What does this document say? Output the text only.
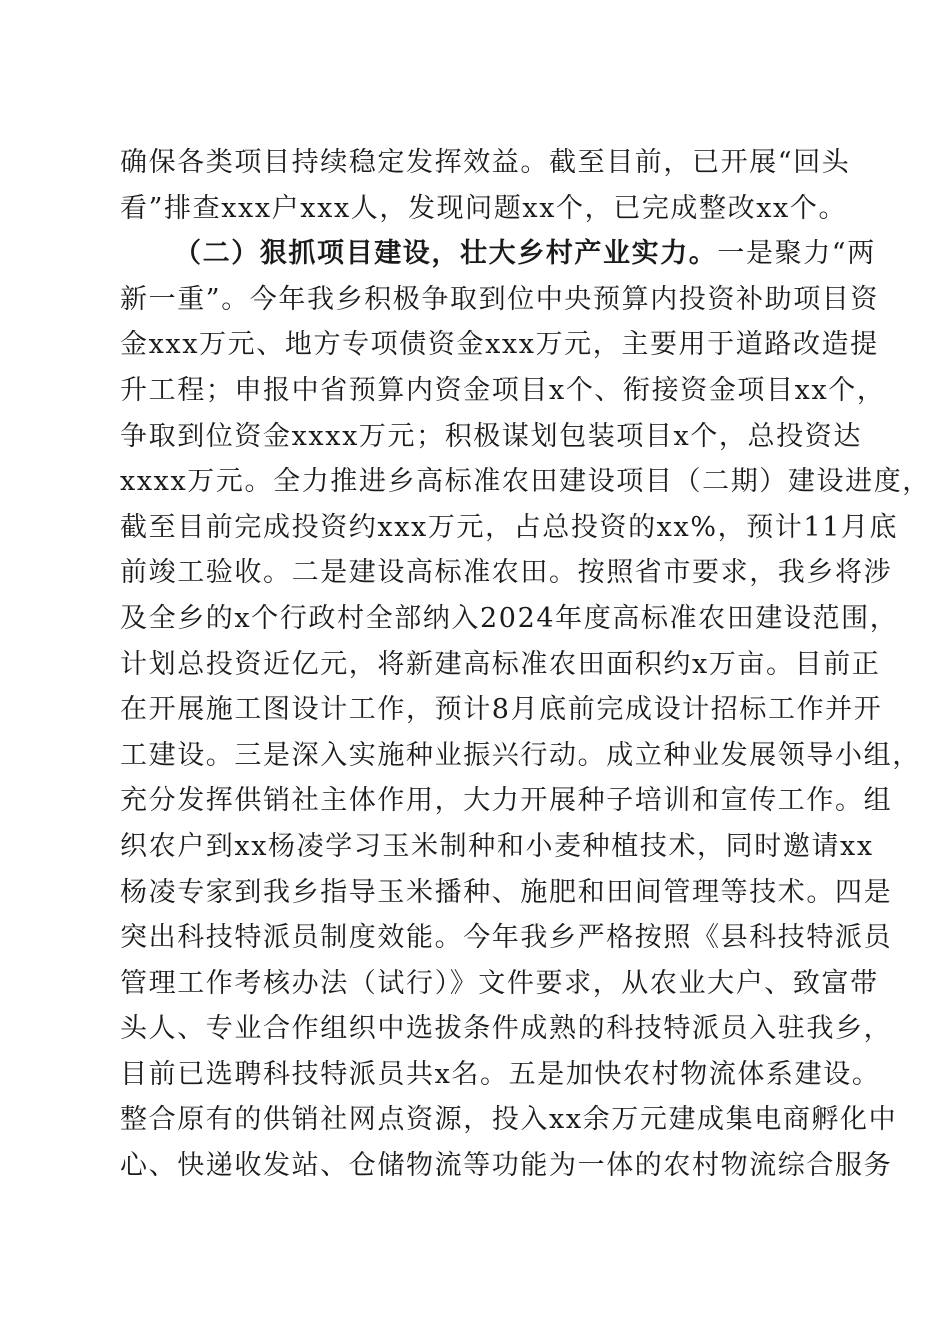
确保各类项目持续稳定发挥效益。截至目前，已开展“回头
看”排查xxx户xxx人，发现问题xx个，已完成整改xx个。
（二）狠抓项目建设，壮大乡村产业实力。一是聚力“两
新一重”。今年我乡积极争取到位中央预算内投资补助项目资
金xxx万元、地方专项债资金xxx万元，主要用于道路改造提
升工程；申报中省预算内资金项目x个、衔接资金项目xx个，
争取到位资金xxxx万元；积极谋划包装项目x个，总投资达
xxxx万元。全力推进乡高标准农田建设项目（二期）建设进度，
截至目前完成投资约xxx万元，占总投资的xx%，预计11月底
前竣工验收。二是建设高标准农田。按照省市要求，我乡将涉
及全乡的x个行政村全部纳入2024年度高标准农田建设范围，
计划总投资近亿元，将新建高标准农田面积约x万亩。目前正
在开展施工图设计工作，预计8月底前完成设计招标工作并开
工建设。三是深入实施种业振兴行动。成立种业发展领导小组，
充分发挥供销社主体作用，大力开展种子培训和宣传工作。组
织农户到xx杨凌学习玉米制种和小麦种植技术，同时邀请xx
杨凌专家到我乡指导玉米播种、施肥和田间管理等技术。四是
突出科技特派员制度效能。今年我乡严格按照《县科技特派员
管理工作考核办法（试行）》文件要求，从农业大户、致富带
头人、专业合作组织中选拔条件成熟的科技特派员入驻我乡，
目前已选聘科技特派员共x名。五是加快农村物流体系建设。
整合原有的供销社网点资源，投入xx余万元建成集电商孵化中
心、快递收发站、仓储物流等功能为一体的农村物流综合服务
